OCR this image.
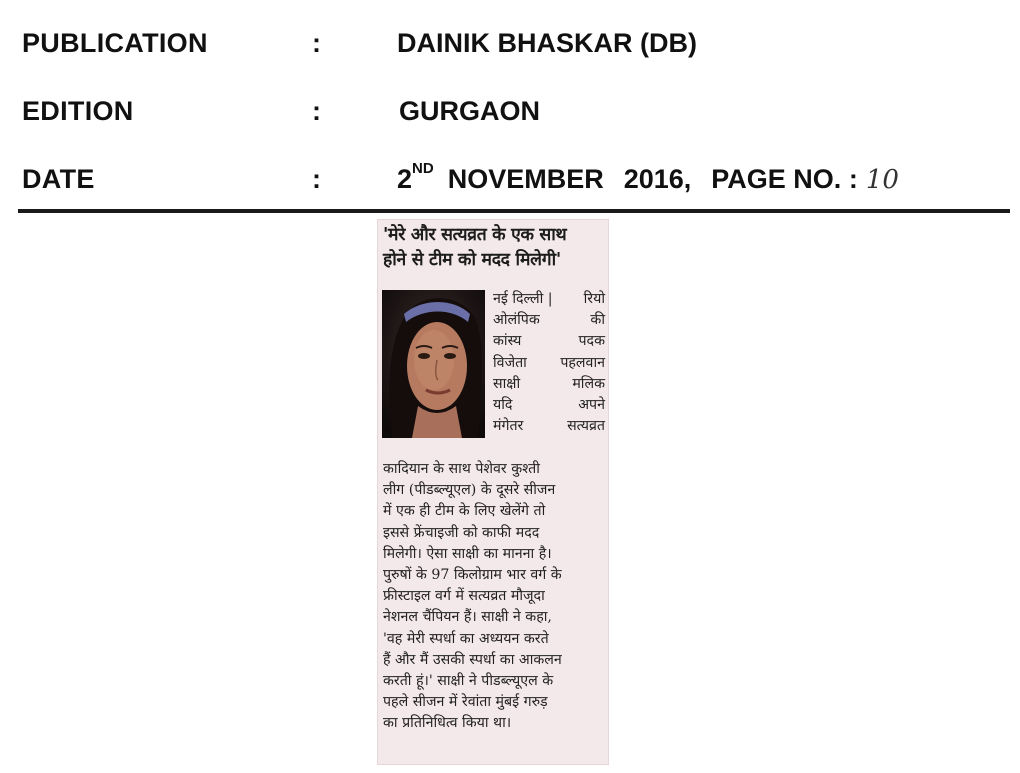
PUBLICATION	:	DAINIK BHASKAR (DB)
EDITION	:	GURGAON
DATE	:	2ND NOVEMBER 2016, PAGE NO. : 10
'मेरे और सत्यव्रत के एक साथ
होने से टीम को मदद मिलेगी'
नई दिल्ली | रियो
ओलंपिक	की
कांस्य	पदक
विजेता पहलवान
साक्षी	मलिक
यदि	अपने
मंगेतर	सत्यव्रत
कादियान के साथ पेशेवर कुश्ती
लीग (पीडब्ल्यूएल) के दूसरे सीजन
में एक ही टीम के लिए खेलेंगे तो
इससे फ्रेंचाइजी को काफी मदद
मिलेगी। ऐसा साक्षी का मानना है।
पुरुषों के 97 किलोग्राम भार वर्ग के
फ्रीस्टाइल वर्ग में सत्यव्रत मौजूदा
नेशनल चैंपियन हैं। साक्षी ने कहा,
'वह मेरी स्पर्धा का अध्ययन करते
हैं और मैं उसकी स्पर्धा का आकलन
करती हूं।' साक्षी ने पीडब्ल्यूएल के
पहले सीजन में रेवांता मुंबई गरुड़
का प्रतिनिधित्व किया था।
